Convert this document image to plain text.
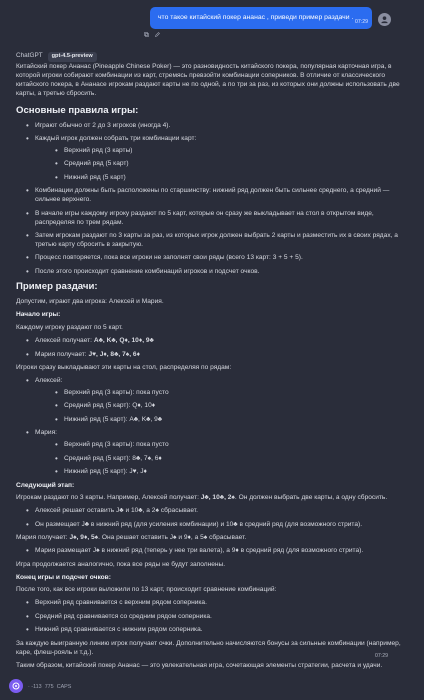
что такое китайский покер ананас , приведи пример раздачи .
07:29
ChatGPT	gpt-4.5-preview

Китайский покер Ананас (Pineapple Chinese Poker) — это разновидность китайского покера, популярная карточная игра, в которой игроки собирают комбинации из карт, стремясь превзойти комбинации соперников. В отличие от классического китайского покера, в Ананасе игрокам раздают карты не по одной, а по три за раз, из которых они должны использовать две карты, а третью сбросить.

Основные правила игры:
• Играют обычно от 2 до 3 игроков (иногда 4).
• Каждый игрок должен собрать три комбинации карт:
• Верхний ряд (3 карты)
• Средний ряд (5 карт)
• Нижний ряд (5 карт)
• Комбинации должны быть расположены по старшинству: нижний ряд должен быть сильнее среднего, а средний — сильнее верхнего.
• В начале игры каждому игроку раздают по 5 карт, которые он сразу же выкладывает на стол в открытом виде, распределяя по трем рядам.
• Затем игрокам раздают по 3 карты за раз, из которых игрок должен выбрать 2 карты и разместить их в своих рядах, а третью карту сбросить в закрытую.
• Процесс повторяется, пока все игроки не заполнят свои ряды (всего 13 карт: 3 + 5 + 5).
• После этого происходит сравнение комбинаций игроков и подсчет очков.
Пример раздачи:

Допустим, играют два игрока: Алексей и Мария.

Начало игры:

Каждому игроку раздают по 5 карт.

• Алексей получает: A♣, K♣, Q♦, 10♦, 9♣
• Мария получает: J♥, J♦, 8♣, 7♠, 6♦

Игроки сразу выкладывают эти карты на стол, распределяя по рядам:

• Алексей:
• Верхний ряд (3 карты): пока пусто
• Средний ряд (5 карт): Q♦, 10♦
• Нижний ряд (5 карт): A♣, K♣, 9♣
• Мария:
• Верхний ряд (3 карты): пока пусто
• Средний ряд (5 карт): 8♣, 7♠, 6♦
• Нижний ряд (5 карт): J♥, J♦
Следующий этап:

Игрокам раздают по 3 карты. Например, Алексей получает: J♣, 10♣, 2♠. Он должен выбрать две карты, а одну сбросить.

• Алексей решает оставить J♣ и 10♣, а 2♠ сбрасывает.
• Он размещает J♣ в нижний ряд (для усиления комбинации) и 10♣ в средний ряд (для возможного стрита).

Мария получает: J♠, 9♦, 5♠. Она решает оставить J♠ и 9♦, а 5♠ сбрасывает.

• Мария размещает J♠ в нижний ряд (теперь у нее три валета), а 9♦ в средний ряд (для возможного стрита).

Игра продолжается аналогично, пока все ряды не будут заполнены.

Конец игры и подсчет очков:

После того, как все игроки выложили по 13 карт, происходит сравнение комбинаций:

• Верхний ряд сравнивается с верхним рядом соперника.
• Средний ряд сравнивается со средним рядом соперника.
• Нижний ряд сравнивается с нижним рядом соперника.

За каждую выигранную линию игрок получает очки. Дополнительно начисляются бонусы за сильные комбинации (например, каре, флеш-рояль и т.д.).

Таким образом, китайский покер Ананас — это увлекательная игра, сочетающая элементы стратегии, расчета и удачи.

· -113 775 CAPS
07:29
